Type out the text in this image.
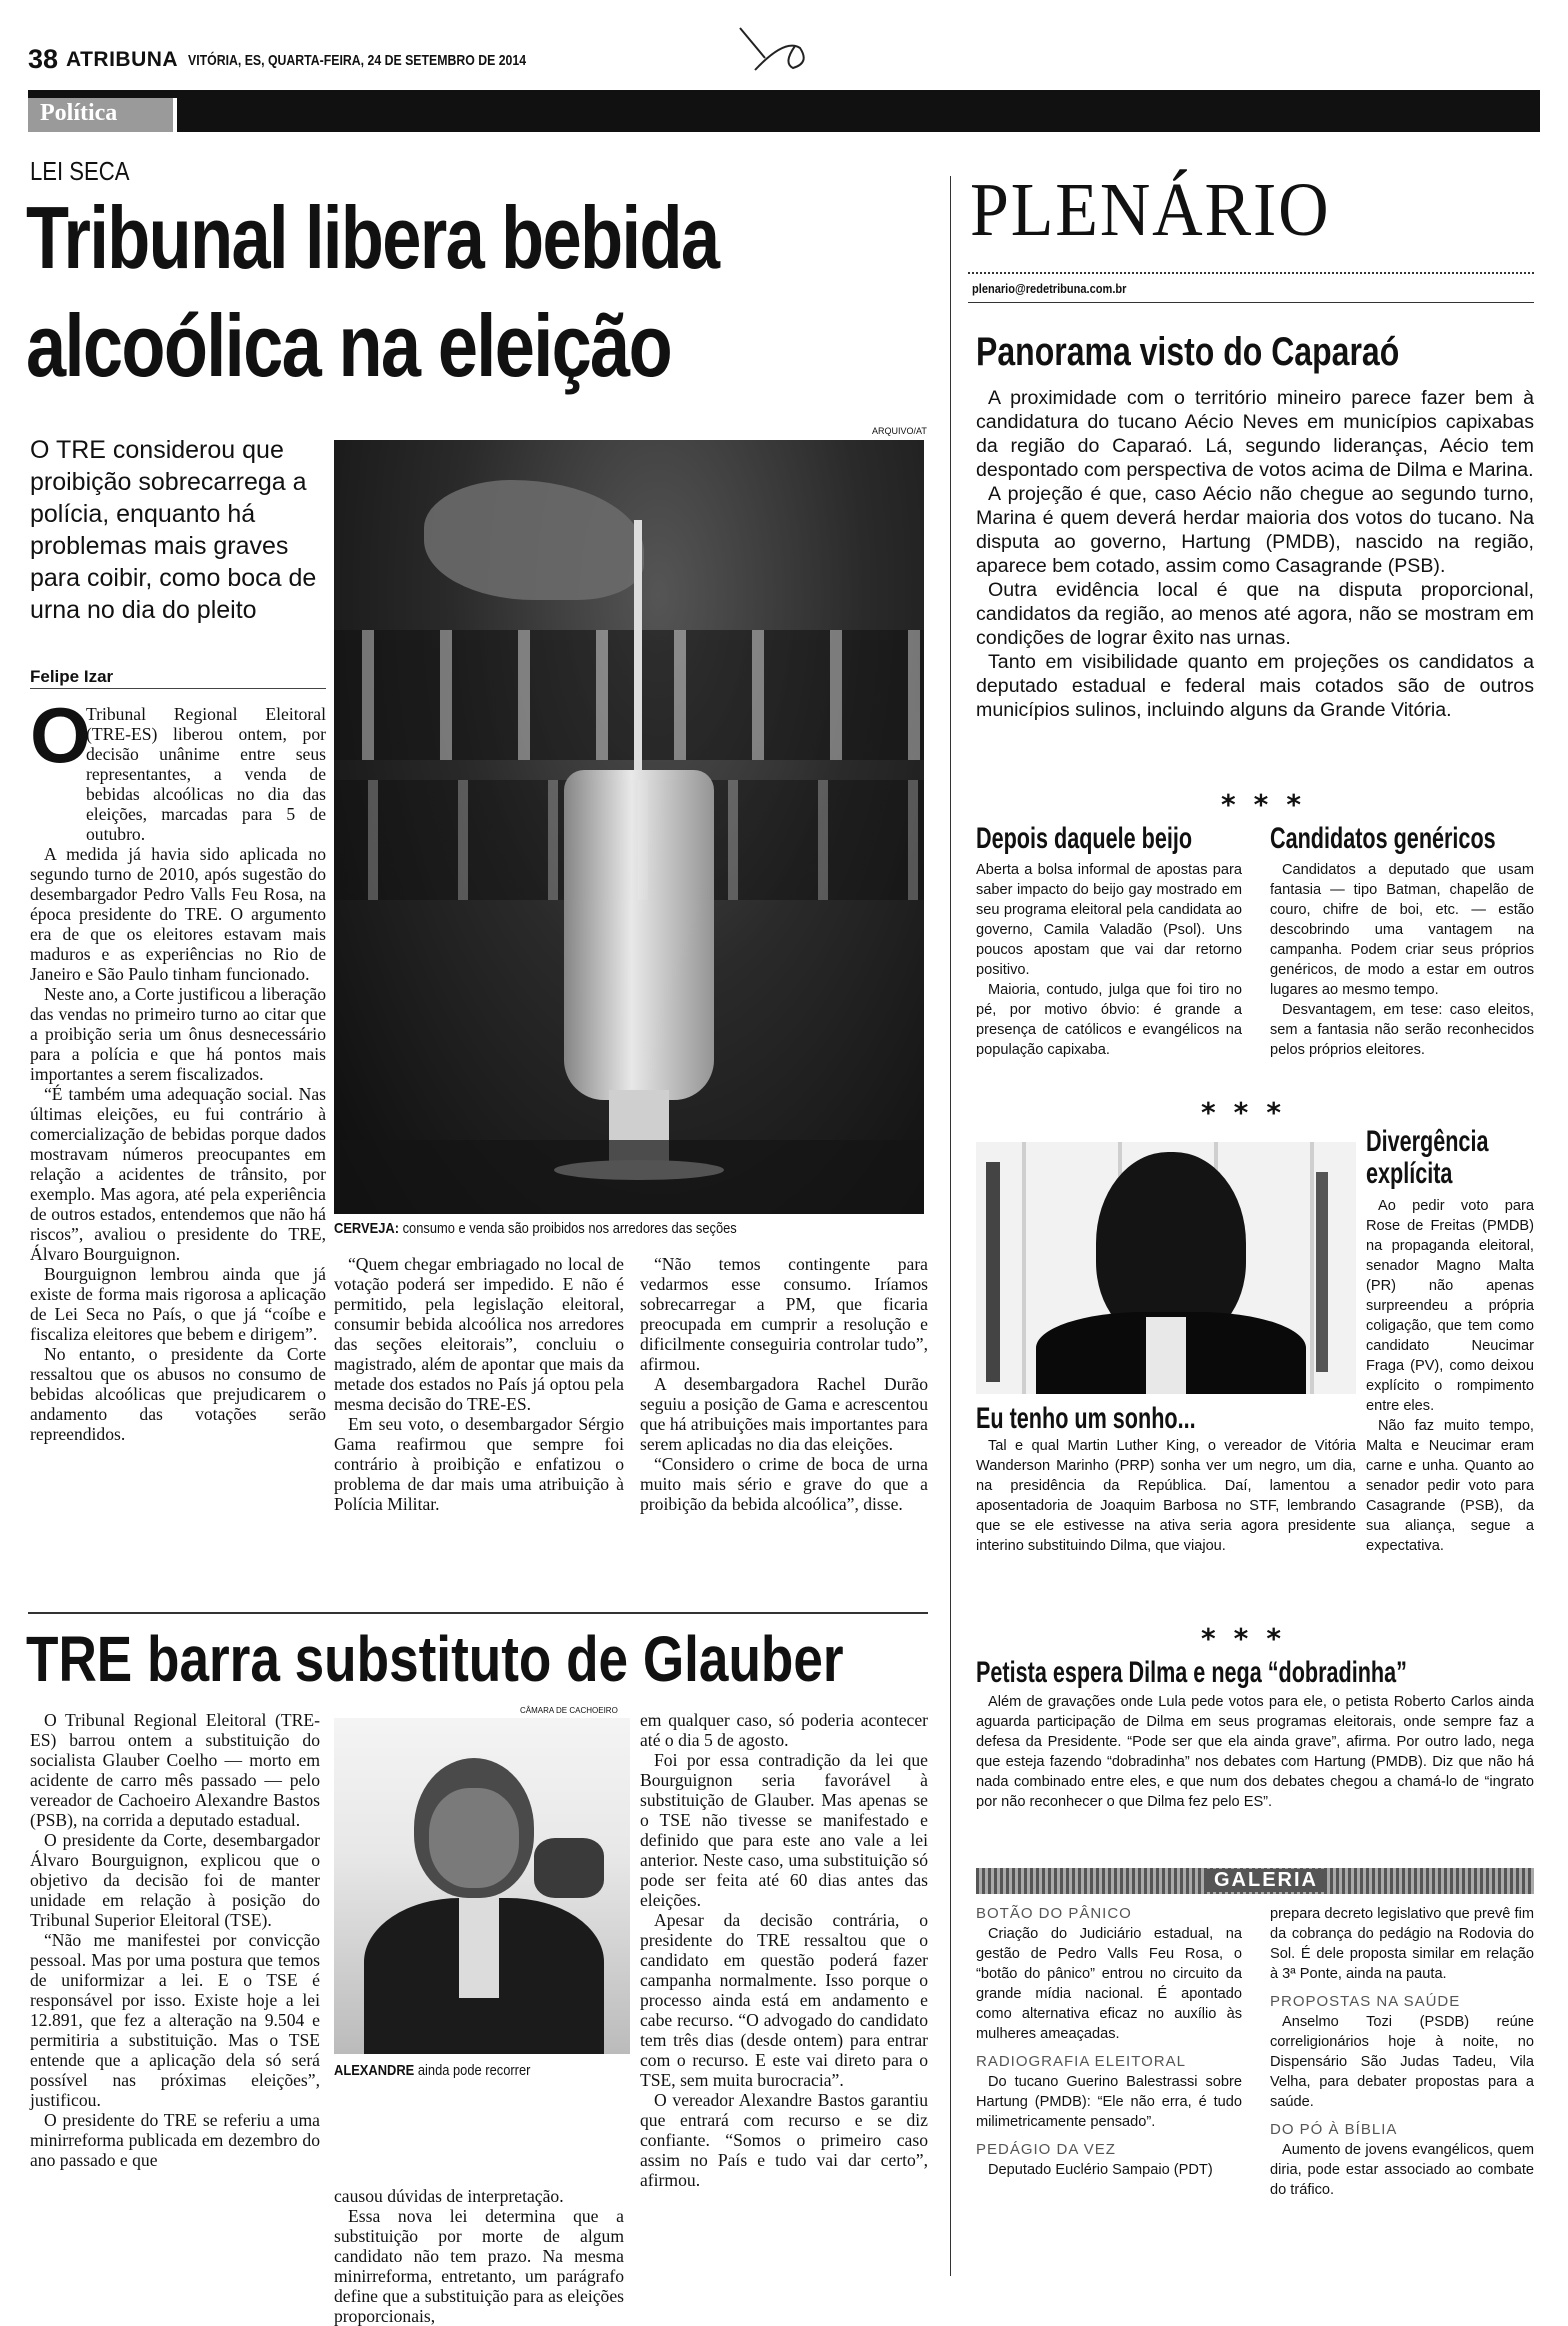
38 ATRIBUNA VITÓRIA, ES, QUARTA-FEIRA, 24 DE SETEMBRO DE 2014
Política
LEI SECA
Tribunal libera bebida
alcoólica na eleição
O TRE considerou que proibição sobrecarrega a polícia, enquanto há problemas mais graves para coibir, como boca de urna no dia do pleito
Felipe Izar
ARQUIVO/AT
CERVEJA: consumo e venda são proibidos nos arredores das seções
O

Tribunal Regional Eleitoral (TRE-ES) liberou ontem, por decisão unânime entre seus representantes, a venda de bebidas alcoólicas no dia das eleições, marcadas para 5 de outubro.

A medida já havia sido aplicada no segundo turno de 2010, após sugestão do desembargador Pedro Valls Feu Rosa, na época presidente do TRE. O argumento era de que os eleitores estavam mais maduros e as experiências no Rio de Janeiro e São Paulo tinham funcionado.

Neste ano, a Corte justificou a liberação das vendas no primeiro turno ao citar que a proibição seria um ônus desnecessário para a polícia e que há pontos mais importantes a serem fiscalizados.

“É também uma adequação social. Nas últimas eleições, eu fui contrário à comercialização de bebidas porque dados mostravam números preocupantes em relação a acidentes de trânsito, por exemplo. Mas agora, até pela experiência de outros estados, entendemos que não há riscos”, avaliou o presidente do TRE, Álvaro Bourguignon.

Bourguignon lembrou ainda que já existe de forma mais rigorosa a aplicação de Lei Seca no País, o que já “coíbe e fiscaliza eleitores que bebem e dirigem”.

No entanto, o presidente da Corte ressaltou que os abusos no consumo de bebidas alcoólicas que prejudicarem o andamento das votações serão repreendidos.

“Quem chegar embriagado no local de votação poderá ser impedido. E não é permitido, pela legislação eleitoral, consumir bebida alcoólica nos arredores das seções eleitorais”, concluiu o magistrado, além de apontar que mais da metade dos estados no País já optou pela mesma decisão do TRE-ES.

Em seu voto, o desembargador Sérgio Gama reafirmou que sempre foi contrário à proibição e enfatizou o problema de dar mais uma atribuição à Polícia Militar.

“Não temos contingente para vedarmos esse consumo. Iríamos sobrecarregar a PM, que ficaria preocupada em cumprir a resolução e dificilmente conseguiria controlar tudo”, afirmou.

A desembargadora Rachel Durão seguiu a posição de Gama e acrescentou que há atribuições mais importantes para serem aplicadas no dia das eleições.

“Considero o crime de boca de urna muito mais sério e grave do que a proibição da bebida alcoólica”, disse.

TRE barra substituto de Glauber

O Tribunal Regional Eleitoral (TRE-ES) barrou ontem a substituição do socialista Glauber Coelho — morto em acidente de carro mês passado — pelo vereador de Cachoeiro Alexandre Bastos (PSB), na corrida a deputado estadual.

O presidente da Corte, desembargador Álvaro Bourguignon, explicou que o objetivo da decisão foi de manter unidade em relação à posição do Tribunal Superior Eleitoral (TSE).

“Não me manifestei por convicção pessoal. Mas por uma postura que temos de uniformizar a lei. E o TSE é responsável por isso. Existe hoje a lei 12.891, que fez a alteração na 9.504 e permitiria a substituição. Mas o TSE entende que a aplicação dela só será possível nas próximas eleições”, justificou.

O presidente do TRE se referiu a uma minirreforma publicada em dezembro do ano passado e que

CÂMARA DE CACHOEIRO
ALEXANDRE ainda pode recorrer

causou dúvidas de interpretação.

Essa nova lei determina que a substituição por morte de algum candidato não tem prazo. Na mesma minirreforma, entretanto, um parágrafo define que a substituição para as eleições proporcionais,

em qualquer caso, só poderia acontecer até o dia 5 de agosto.

Foi por essa contradição da lei que Bourguignon seria favorável à substituição de Glauber. Mas apenas se o TSE não tivesse se manifestado e definido que para este ano vale a lei anterior. Neste caso, uma substituição só pode ser feita até 60 dias antes das eleições.

Apesar da decisão contrária, o presidente do TRE ressaltou que o candidato em questão poderá fazer campanha normalmente. Isso porque o processo ainda está em andamento e cabe recurso. “O advogado do candidato tem três dias (desde ontem) para entrar com o recurso. E este vai direto para o TSE, sem muita burocracia”.

O vereador Alexandre Bastos garantiu que entrará com recurso e se diz confiante. “Somos o primeiro caso assim no País e tudo vai dar certo”, afirmou.

PLENÁRIO
plenario@redetribuna.com.br
Panorama visto do Caparaó

A proximidade com o território mineiro parece fazer bem à candidatura do tucano Aécio Neves em municípios capixabas da região do Caparaó. Lá, segundo lideranças, Aécio tem despontado com perspectiva de votos acima de Dilma e Marina.

A projeção é que, caso Aécio não chegue ao segundo turno, Marina é quem deverá herdar maioria dos votos do tucano. Na disputa ao governo, Hartung (PMDB), nascido na região, aparece bem cotado, assim como Casagrande (PSB).

Outra evidência local é que na disputa proporcional, candidatos da região, ao menos até agora, não se mostram em condições de lograr êxito nas urnas.

Tanto em visibilidade quanto em projeções os candidatos a deputado estadual e federal mais cotados são de outros municípios sulinos, incluindo alguns da Grande Vitória.

***
Depois daquele beijo

Aberta a bolsa informal de apostas para saber impacto do beijo gay mostrado em seu programa eleitoral pela candidata ao governo, Camila Valadão (Psol). Uns poucos apostam que vai dar retorno positivo.

Maioria, contudo, julga que foi tiro no pé, por motivo óbvio: é grande a presença de católicos e evangélicos na população capixaba.

Candidatos genéricos

Candidatos a deputado que usam fantasia — tipo Batman, chapelão de couro, chifre de boi, etc. — estão descobrindo uma vantagem na campanha. Podem criar seus próprios genéricos, de modo a estar em outros lugares ao mesmo tempo.

Desvantagem, em tese: caso eleitos, sem a fantasia não serão reconhecidos pelos próprios eleitores.

***
Eu tenho um sonho...

Tal e qual Martin Luther King, o vereador de Vitória Wanderson Marinho (PRP) sonha ver um negro, um dia, na presidência da República. Daí, lamentou a aposentadoria de Joaquim Barbosa no STF, lembrando que se ele estivesse na ativa seria agora presidente interino substituindo Dilma, que viajou.

Divergência
explícita

Ao pedir voto para Rose de Freitas (PMDB) na propaganda eleitoral, senador Magno Malta (PR) não apenas surpreendeu a própria coligação, que tem como candidato Neucimar Fraga (PV), como deixou explícito o rompimento entre eles.

Não faz muito tempo, Malta e Neucimar eram carne e unha. Quanto ao senador pedir voto para Casagrande (PSB), da sua aliança, segue a expectativa.

***
Petista espera Dilma e nega “dobradinha”

Além de gravações onde Lula pede votos para ele, o petista Roberto Carlos ainda aguarda participação de Dilma em seus programas eleitorais, onde sempre faz a defesa da Presidente. “Pode ser que ela ainda grave”, afirma. Por outro lado, nega que esteja fazendo “dobradinha” nos debates com Hartung (PMDB). Diz que não há nada combinado entre eles, e que num dos debates chegou a chamá-lo de “ingrato por não reconhecer o que Dilma fez pelo ES”.

GALERIA
BOTÃO DO PÂNICO

Criação do Judiciário estadual, na gestão de Pedro Valls Feu Rosa, o “botão do pânico” entrou no circuito da grande mídia nacional. É apontado como alternativa eficaz no auxílio às mulheres ameaçadas.

RADIOGRAFIA ELEITORAL

Do tucano Guerino Balestrassi sobre Hartung (PMDB): “Ele não erra, é tudo milimetricamente pensado”.

PEDÁGIO DA VEZ

Deputado Euclério Sampaio (PDT)

prepara decreto legislativo que prevê fim da cobrança do pedágio na Rodovia do Sol. É dele proposta similar em relação à 3ª Ponte, ainda na pauta.

PROPOSTAS NA SAÚDE

Anselmo Tozi (PSDB) reúne correligionários hoje à noite, no Dispensário São Judas Tadeu, Vila Velha, para debater propostas para a saúde.

DO PÓ À BÍBLIA

Aumento de jovens evangélicos, quem diria, pode estar associado ao combate do tráfico.
